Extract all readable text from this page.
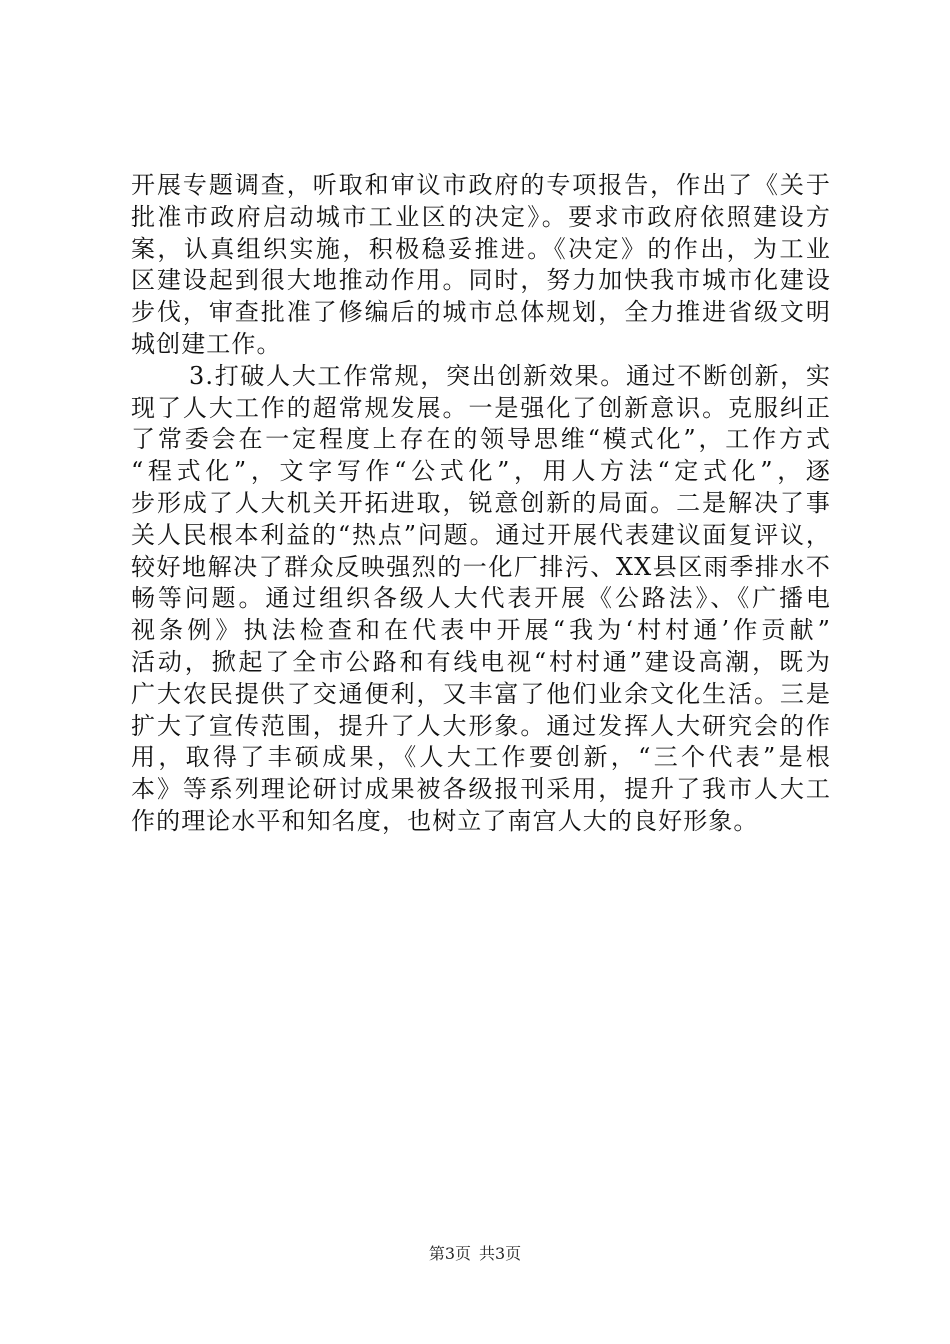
开展专题调查，听取和审议市政府的专项报告，作出了《关于
批准市政府启动城市工业区的决定》。要求市政府依照建设方
案，认真组织实施，积极稳妥推进。《决定》的作出，为工业
区建设起到很大地推动作用。同时，努力加快我市城市化建设
步伐，审查批准了修编后的城市总体规划，全力推进省级文明
城创建工作。
3.打破人大工作常规，突出创新效果。通过不断创新，实
现了人大工作的超常规发展。一是强化了创新意识。克服纠正
了常委会在一定程度上存在的领导思维“模式化”，工作方式
“程式化”，文字写作“公式化”，用人方法“定式化”，逐
步形成了人大机关开拓进取，锐意创新的局面。二是解决了事
关人民根本利益的“热点”问题。通过开展代表建议面复评议，
较好地解决了群众反映强烈的一化厂排污、XX县区雨季排水不
畅等问题。通过组织各级人大代表开展《公路法》、《广播电
视条例》执法检查和在代表中开展“我为‘村村通’作贡献”
活动，掀起了全市公路和有线电视“村村通”建设高潮，既为
广大农民提供了交通便利，又丰富了他们业余文化生活。三是
扩大了宣传范围，提升了人大形象。通过发挥人大研究会的作
用，取得了丰硕成果，《人大工作要创新，“三个代表”是根
本》等系列理论研讨成果被各级报刊采用，提升了我市人大工
作的理论水平和知名度，也树立了南宫人大的良好形象。
第3页 共3页
